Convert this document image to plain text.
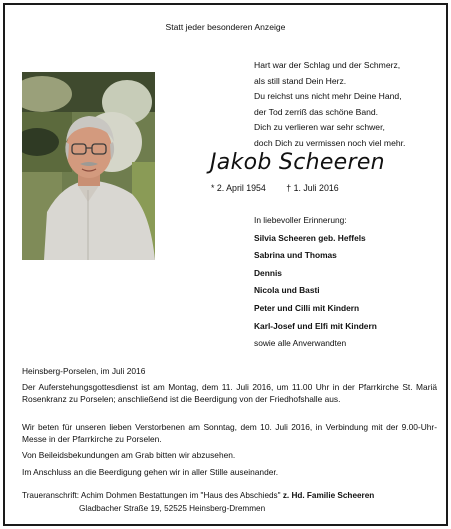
Statt jeder besonderen Anzeige
Hart war der Schlag und der Schmerz,
als still stand Dein Herz.
Du reichst uns nicht mehr Deine Hand,
der Tod zerriß das schöne Band.
Dich zu verlieren war sehr schwer,
doch Dich zu vermissen noch viel mehr.
Jakob Scheeren
* 2. April 1954 † 1. Juli 2016
In liebevoller Erinnerung:
Silvia Scheeren geb. Heffels
Sabrina und Thomas
Dennis
Nicola und Basti
Peter und Cilli mit Kindern
Karl-Josef und Elfi mit Kindern
sowie alle Anverwandten
Heinsberg-Porselen, im Juli 2016
Der Auferstehungsgottesdienst ist am Montag, dem 11. Juli 2016, um 11.00 Uhr in der Pfarrkirche St. Mariä Rosenkranz zu Porselen; anschließend ist die Beerdigung von der Friedhofshalle aus.
Wir beten für unseren lieben Verstorbenen am Sonntag, dem 10. Juli 2016, in Verbindung mit der 9.00-Uhr-Messe in der Pfarrkirche zu Porselen.
Von Beileidsbekundungen am Grab bitten wir abzusehen.
Im Anschluss an die Beerdigung gehen wir in aller Stille auseinander.
Traueranschrift: Achim Dohmen Bestattungen im "Haus des Abschieds" z. Hd. Familie Scheeren
Gladbacher Straße 19, 52525 Heinsberg-Dremmen
